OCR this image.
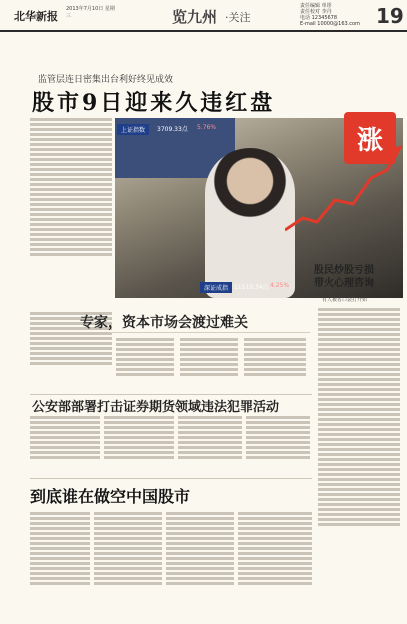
北华新报
2013年7月10日 星期三	览九州 ·关注
责任编辑 单彤
责任校对 李丹
电话 12345678
E-mail 10000@163.com 19
监管层连日密集出台利好终见成效
股市9日迎来久违红盘
上证指数	3709.33点 5.76%
深证成指 11510.34点 4.25%
涨
股民炒股亏损
带火心理咨询
有人被省口袋打开始
专家，资本市场会渡过难关
公安部部署打击证券期货领域违法犯罪活动
到底谁在做空中国股市
